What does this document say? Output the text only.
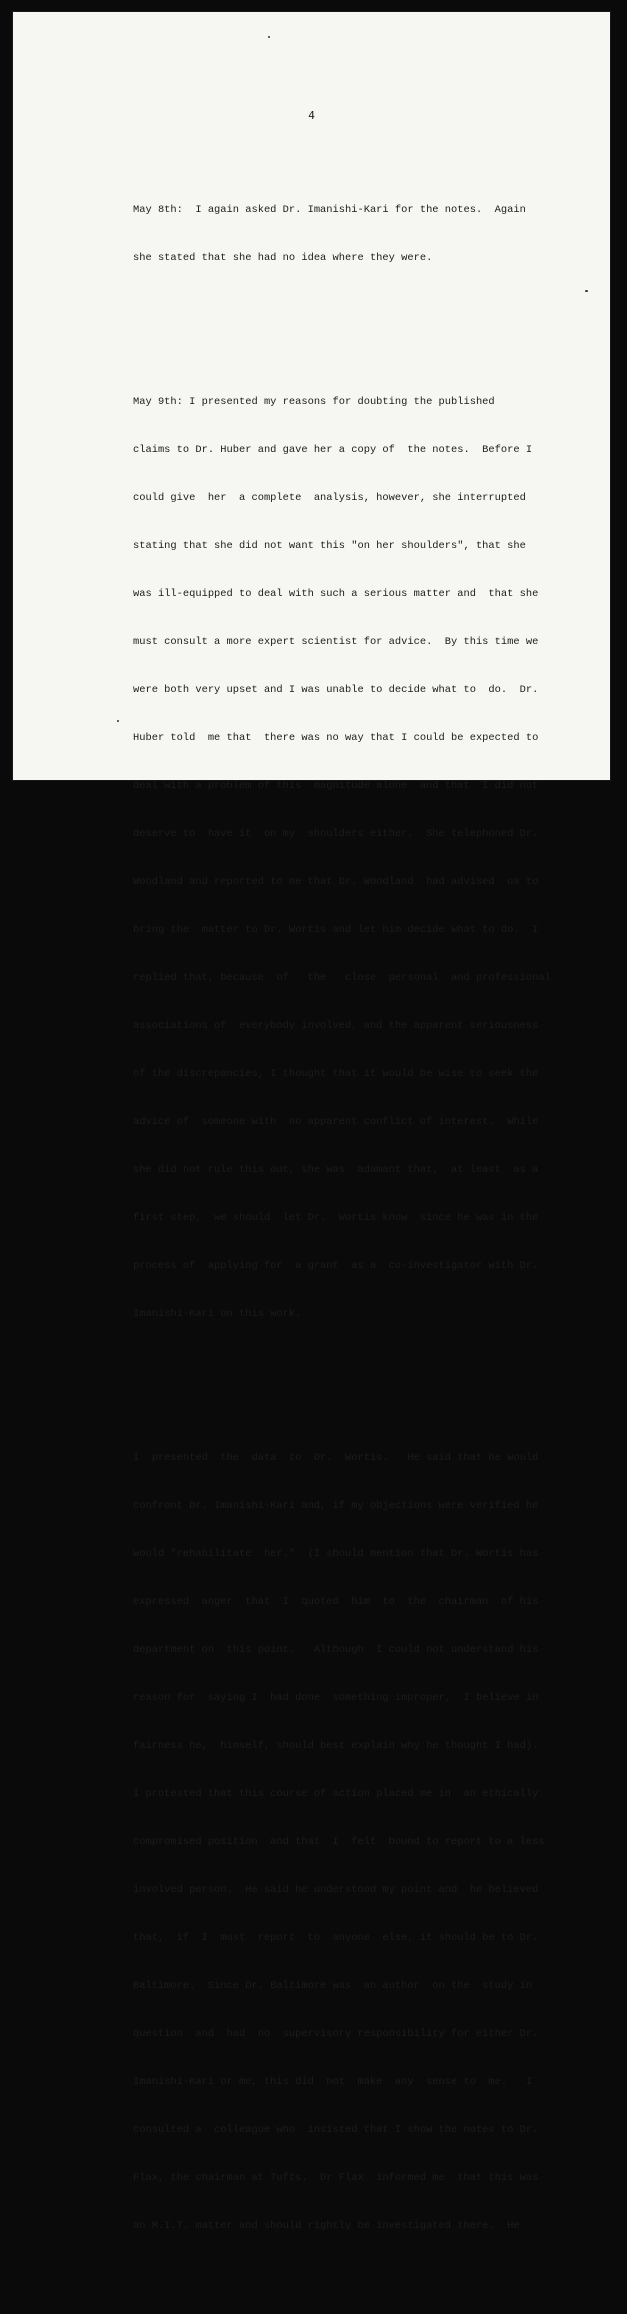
4

May 8th:  I again asked Dr. Imanishi-Kari for the notes.  Again

she stated that she had no idea where they were.

May 9th: I presented my reasons for doubting the published

claims to Dr. Huber and gave her a copy of  the notes.  Before I

could give  her  a complete  analysis, however, she interrupted

stating that she did not want this "on her shoulders", that she

was ill-equipped to deal with such a serious matter and  that she

must consult a more expert scientist for advice.  By this time we

were both very upset and I was unable to decide what to  do.  Dr.

Huber told  me that  there was no way that I could be expected to

deal with a problem of this  magnitude alone  and that  I did not

deserve to  have it  on my  shoulders either.  She telephoned Dr.

Woodland and reported to me that Dr. Woodland  had advised  us to

bring the  matter to Dr. Wortis and let him decide what to do.  I

replied that, because  of   the   close  personal  and professional

associations of  everybody involved, and the apparent seriousness

of the discrepancies, I thought that it would be wise to seek the

advice of  someone with  no apparent conflict of interest.  While

she did not rule this out, she was  adamant that,  at least  as a

first step,  we should  let Dr.  Wortis know  since he was in the

process of  applying for  a grant  as a  co-investigator with Dr.

Imanishi-Kari on this work.

I  presented  the  data  to  Dr.  Wortis.   He said that he would

confront Dr. Imanishi-Kari and, if my objections were verified he

would "rehabilitate  her."  (I should mention that Dr. Wortis has

expressed  anger  that  I  quoted  him  to  the  chairman  of his

department on  this point.   Although  I could not understand his

reason for  saying I  had done  something improper,  I believe in

fairness he,  himself, should best explain why he thought I had).

I protested that this course of action placed me in  an ethically

compromised position  and that  I  felt  bound to report to a less

involved person.  He said he understood my point and  he believed

that,  if  I  must  report  to  anyone  else, it should be to Dr.

Baltimore.  Since Dr. Baltimore was  an author  on the  study in

question  and  had  no  supervisory responsibility for either Dr.

Imanishi-Kari or me, this did  not  make  any  sense to  me.   I

consulted a  colleague who  insisted that I show the notes to Dr.

Flax, the chairman at Tufts.  Dr Flax  informed me  that this was

an M.I.T. matter and should rightly be investigated there.  He
